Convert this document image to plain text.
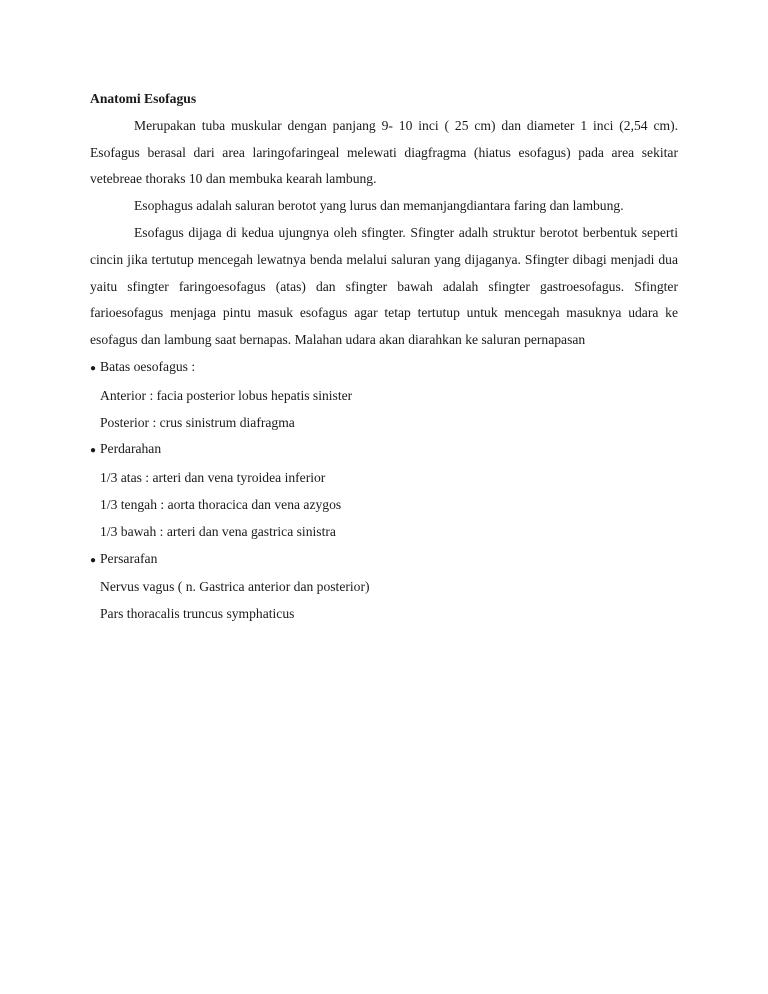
Anatomi Esofagus

Merupakan tuba muskular dengan panjang 9- 10 inci ( 25 cm) dan diameter 1 inci (2,54 cm). Esofagus berasal dari area laringofaringeal melewati diagfragma (hiatus esofagus) pada area sekitar vetebreae thoraks 10 dan membuka kearah lambung.

Esophagus adalah saluran berotot yang lurus dan memanjangdiantara faring dan lambung.

Esofagus dijaga di kedua ujungnya oleh sfingter. Sfingter adalh struktur berotot berbentuk seperti cincin jika tertutup mencegah lewatnya benda melalui saluran yang dijaganya. Sfingter dibagi menjadi dua yaitu sfingter faringoesofagus (atas) dan sfingter bawah adalah sfingter gastroesofagus. Sfingter farioesofagus menjaga pintu masuk esofagus agar tetap tertutup untuk mencegah masuknya udara ke esofagus dan lambung saat bernapas. Malahan udara akan diarahkan ke saluran pernapasan

● Batas oesofagus :

Anterior : facia posterior lobus hepatis sinister

Posterior : crus sinistrum diafragma

● Perdarahan

1/3 atas : arteri dan vena tyroidea inferior

1/3 tengah : aorta thoracica dan vena azygos

1/3 bawah : arteri dan vena gastrica sinistra

● Persarafan

Nervus vagus ( n. Gastrica anterior dan posterior)

Pars thoracalis truncus symphaticus
